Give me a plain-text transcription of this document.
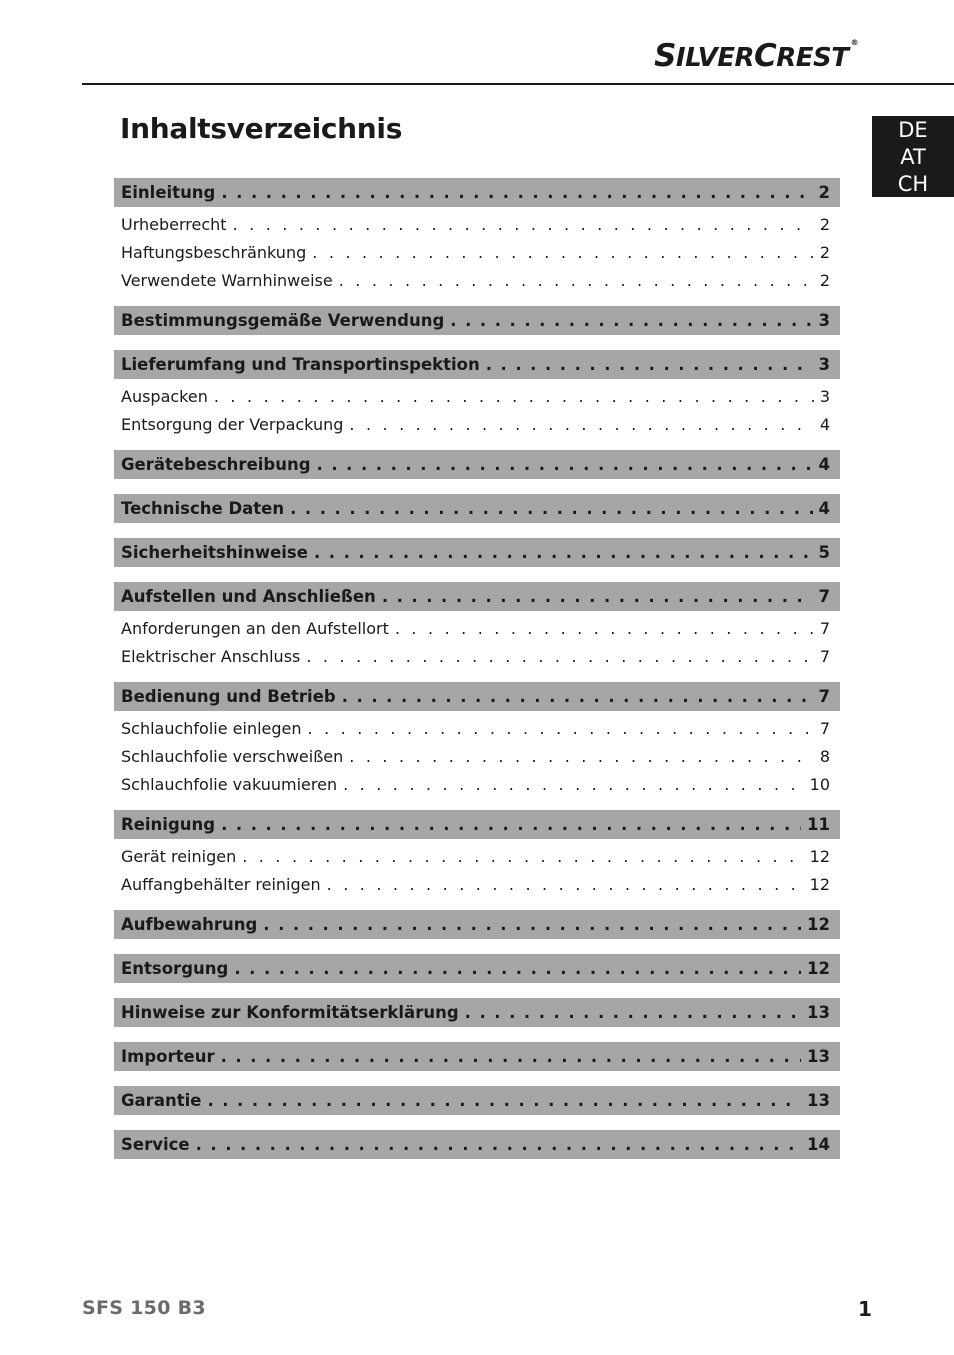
SILVERCREST®
DE
AT
CH
Inhaltsverzeichnis
Einleitung . . .	2
Urheberrecht . . .	2
Haftungsbeschränkung . . .	2
Verwendete Warnhinweise . . .	2
Bestimmungsgemäße Verwendung . . .	3
Lieferumfang und Transportinspektion . . .	3
Auspacken . . .	3
Entsorgung der Verpackung . . .	4
Gerätebeschreibung . . .	4
Technische Daten . . .	4
Sicherheitshinweise . . .	5
Aufstellen und Anschließen . . .	7
Anforderungen an den Aufstellort . . .	7
Elektrischer Anschluss . . .	7
Bedienung und Betrieb . . .	7
Schlauchfolie einlegen . . .	7
Schlauchfolie verschweißen . . .	8
Schlauchfolie vakuumieren . . .	10
Reinigung . . .	11
Gerät reinigen . . .	12
Auffangbehälter reinigen . . .	12
Aufbewahrung . . .	12
Entsorgung . . .	12
Hinweise zur Konformitätserklärung . . .	13
Importeur . . .	13
Garantie . . .	13
Service . . .	14
SFS 150 B3	1
